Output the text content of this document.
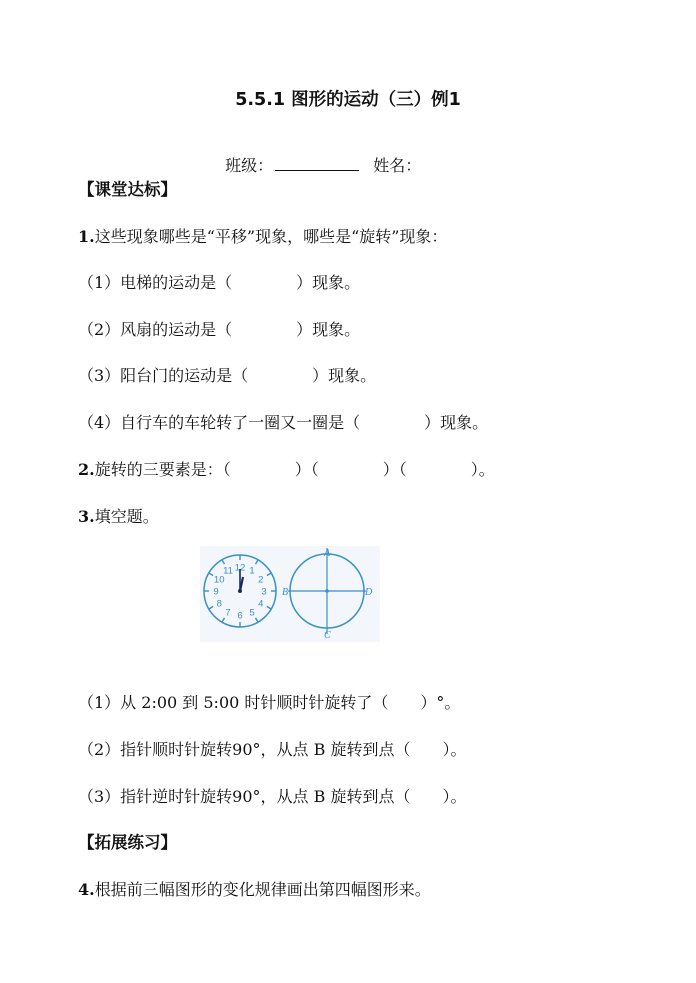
5.5.1 图形的运动（三）例1

班级：	姓名：

【课堂达标】
1.这些现象哪些是“平移”现象，哪些是“旋转”现象：
（1）电梯的运动是（　　　　）现象。
（2）风扇的运动是（　　　　）现象。
（3）阳台门的运动是（　　　　）现象。
（4）自行车的车轮转了一圈又一圈是（　　　　）现象。
2.旋转的三要素是：（　　　　）（　　　　）（　　　　）。
3.填空题。
12 1
2
3
4
5
6
7
8
9
10
11
A
B	D
C
（1）从 2:00 到 5:00 时针顺时针旋转了（　　）°。
（2）指针顺时针旋转90°，从点 B 旋转到点（　　）。
（3）指针逆时针旋转90°，从点 B 旋转到点（　　）。
【拓展练习】
4.根据前三幅图形的变化规律画出第四幅图形来。
